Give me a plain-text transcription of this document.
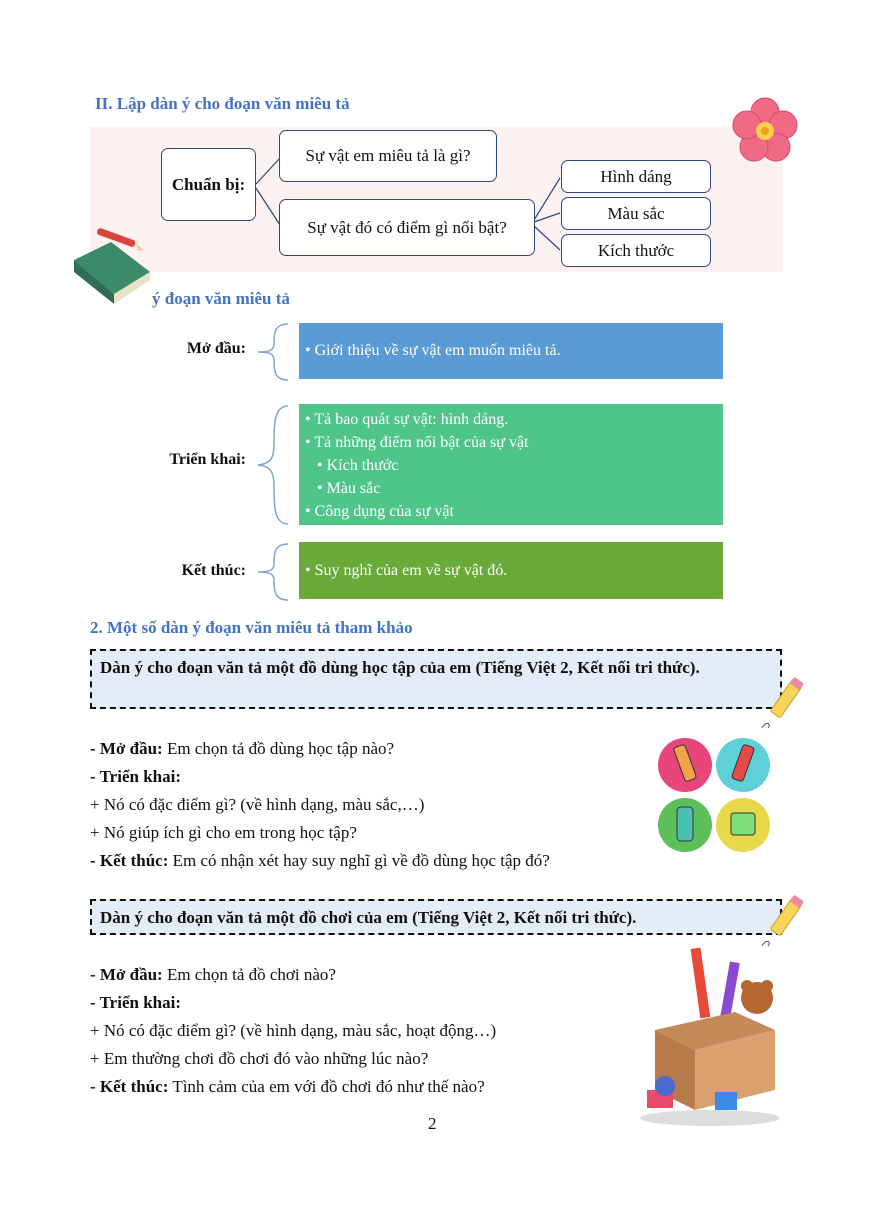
II. Lập dàn ý cho đoạn văn miêu tả
Chuẩn bị:
Sự vật em miêu tả là gì?
Sự vật đó có điểm gì nổi bật?
Hình dáng
Màu sắc
Kích thước
ý đoạn văn miêu tả
Mở đầu:	• Giới thiệu về sự vật em muốn miêu tả.
Triển khai:
• Tả bao quát sự vật: hình dáng.
• Tả những điểm nổi bật của sự vật
• Kích thước
• Màu sắc
• Công dụng của sự vật
Kết thúc:	• Suy nghĩ của em về sự vật đó.
2. Một số dàn ý đoạn văn miêu tả tham khảo
Dàn ý cho đoạn văn tả một đồ dùng học tập của em (Tiếng Việt 2, Kết nối tri thức).
- Mở đầu: Em chọn tả đồ dùng học tập nào?
- Triển khai:
+ Nó có đặc điểm gì? (về hình dạng, màu sắc,…)
+ Nó giúp ích gì cho em trong học tập?
- Kết thúc: Em có nhận xét hay suy nghĩ gì về đồ dùng học tập đó?
Dàn ý cho đoạn văn tả một đồ chơi của em (Tiếng Việt 2, Kết nối tri thức).
- Mở đầu: Em chọn tả đồ chơi nào?
- Triển khai:
+ Nó có đặc điểm gì? (về hình dạng, màu sắc, hoạt động…)
+ Em thường chơi đồ chơi đó vào những lúc nào?
- Kết thúc: Tình cảm của em với đồ chơi đó như thế nào?
2
